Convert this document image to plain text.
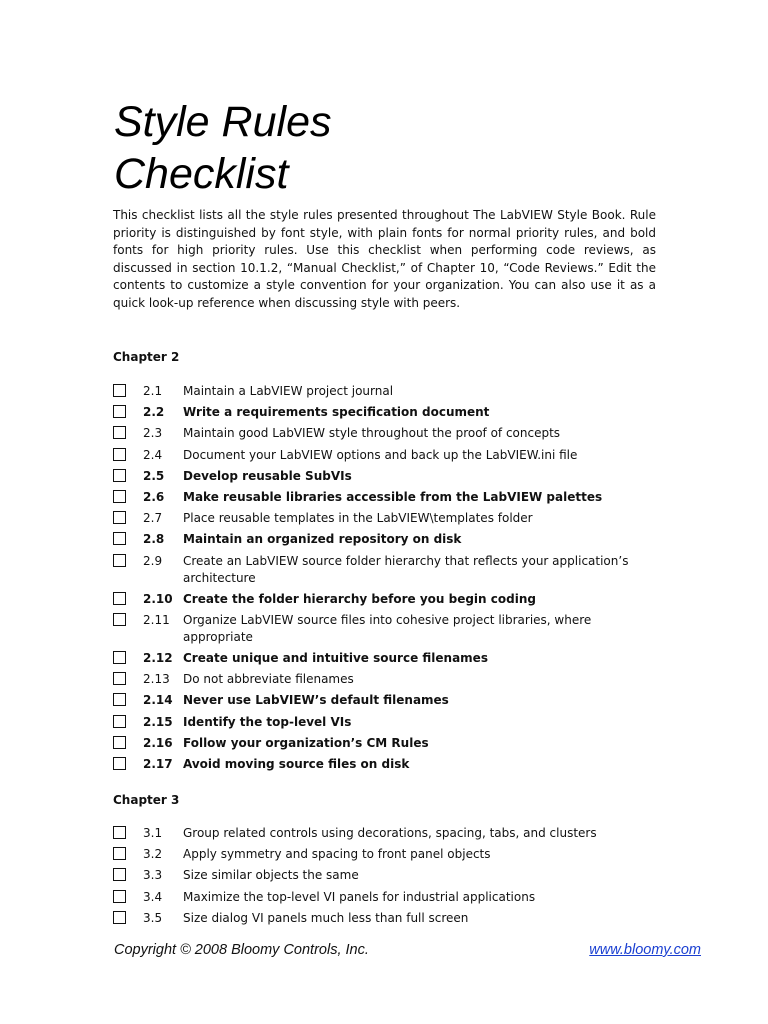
Style Rules
Checklist

This checklist lists all the style rules presented throughout The LabVIEW Style Book. Rule priority is distinguished by font style, with plain fonts for normal priority rules, and bold fonts for high priority rules. Use this checklist when performing code reviews, as discussed in section 10.1.2, “Manual Checklist,” of Chapter 10, “Code Reviews.” Edit the contents to customize a style convention for your organization. You can also use it as a quick look-up reference when discussing style with peers.

Chapter 2
2.1 Maintain a LabVIEW project journal
2.2 Write a requirements specification document
2.3 Maintain good LabVIEW style throughout the proof of concepts
2.4 Document your LabVIEW options and back up the LabVIEW.ini file
2.5 Develop reusable SubVIs
2.6 Make reusable libraries accessible from the LabVIEW palettes
2.7 Place reusable templates in the LabVIEW\templates folder
2.8 Maintain an organized repository on disk
2.9 Create an LabVIEW source folder hierarchy that reflects your application’s architecture
2.10 Create the folder hierarchy before you begin coding
2.11 Organize LabVIEW source files into cohesive project libraries, where appropriate
2.12 Create unique and intuitive source filenames
2.13 Do not abbreviate filenames
2.14 Never use LabVIEW’s default filenames
2.15 Identify the top-level VIs
2.16 Follow your organization’s CM Rules
2.17 Avoid moving source files on disk
Chapter 3
3.1 Group related controls using decorations, spacing, tabs, and clusters
3.2 Apply symmetry and spacing to front panel objects
3.3 Size similar objects the same
3.4 Maximize the top-level VI panels for industrial applications
3.5 Size dialog VI panels much less than full screen

Copyright © 2008 Bloomy Controls, Inc.	www.bloomy.com
